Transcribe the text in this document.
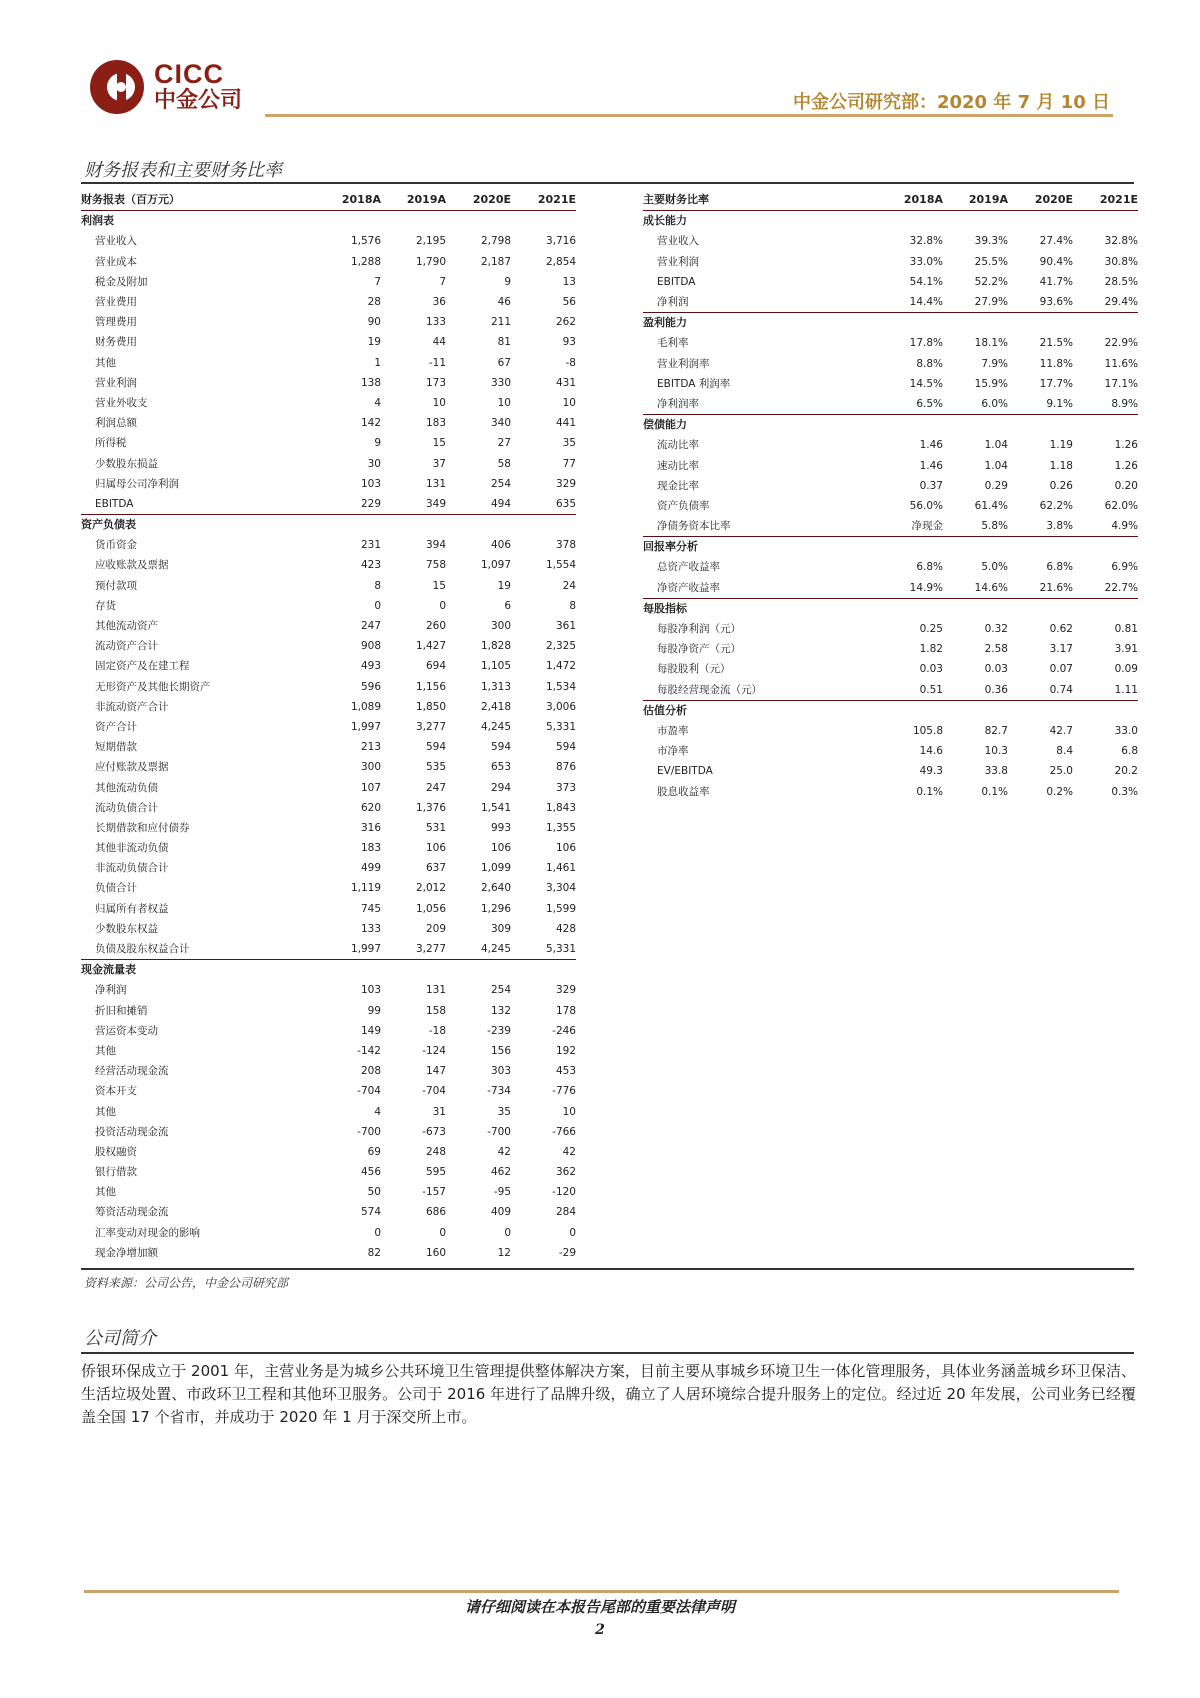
CICC
中金公司	中金公司研究部：2020 年 7 月 10 日
财务报表和主要财务比率
财务报表（百万元）	2018A	2019A	2020E	2021E
利润表				
营业收入	1,576	2,195	2,798	3,716
营业成本	1,288	1,790	2,187	2,854
税金及附加	7	7	9	13
营业费用	28	36	46	56
管理费用	90	133	211	262
财务费用	19	44	81	93
其他	1	-11	67	-8
营业利润	138	173	330	431
营业外收支	4	10	10	10
利润总额	142	183	340	441
所得税	9	15	27	35
少数股东损益	30	37	58	77
归属母公司净利润	103	131	254	329
EBITDA	229	349	494	635
资产负债表				
货币资金	231	394	406	378
应收账款及票据	423	758	1,097	1,554
预付款项	8	15	19	24
存货	0	0	6	8
其他流动资产	247	260	300	361
流动资产合计	908	1,427	1,828	2,325
固定资产及在建工程	493	694	1,105	1,472
无形资产及其他长期资产	596	1,156	1,313	1,534
非流动资产合计	1,089	1,850	2,418	3,006
资产合计	1,997	3,277	4,245	5,331
短期借款	213	594	594	594
应付账款及票据	300	535	653	876
其他流动负债	107	247	294	373
流动负债合计	620	1,376	1,541	1,843
长期借款和应付债券	316	531	993	1,355
其他非流动负债	183	106	106	106
非流动负债合计	499	637	1,099	1,461
负债合计	1,119	2,012	2,640	3,304
归属所有者权益	745	1,056	1,296	1,599
少数股东权益	133	209	309	428
负债及股东权益合计	1,997	3,277	4,245	5,331
现金流量表				
净利润	103	131	254	329
折旧和摊销	99	158	132	178
营运资本变动	149	-18	-239	-246
其他	-142	-124	156	192
经营活动现金流	208	147	303	453
资本开支	-704	-704	-734	-776
其他	4	31	35	10
投资活动现金流	-700	-673	-700	-766
股权融资	69	248	42	42
银行借款	456	595	462	362
其他	50	-157	-95	-120
筹资活动现金流	574	686	409	284
汇率变动对现金的影响	0	0	0	0
现金净增加额	82	160	12	-29
主要财务比率	2018A	2019A	2020E	2021E
成长能力				
营业收入	32.8%	39.3%	27.4%	32.8%
营业利润	33.0%	25.5%	90.4%	30.8%
EBITDA	54.1%	52.2%	41.7%	28.5%
净利润	14.4%	27.9%	93.6%	29.4%
盈利能力				
毛利率	17.8%	18.1%	21.5%	22.9%
营业利润率	8.8%	7.9%	11.8%	11.6%
EBITDA 利润率	14.5%	15.9%	17.7%	17.1%
净利润率	6.5%	6.0%	9.1%	8.9%
偿债能力				
流动比率	1.46	1.04	1.19	1.26
速动比率	1.46	1.04	1.18	1.26
现金比率	0.37	0.29	0.26	0.20
资产负债率	56.0%	61.4%	62.2%	62.0%
净债务资本比率	净现金	5.8%	3.8%	4.9%
回报率分析				
总资产收益率	6.8%	5.0%	6.8%	6.9%
净资产收益率	14.9%	14.6%	21.6%	22.7%
每股指标				
每股净利润（元）	0.25	0.32	0.62	0.81
每股净资产（元）	1.82	2.58	3.17	3.91
每股股利（元）	0.03	0.03	0.07	0.09
每股经营现金流（元）	0.51	0.36	0.74	1.11
估值分析				
市盈率	105.8	82.7	42.7	33.0
市净率	14.6	10.3	8.4	6.8
EV/EBITDA	49.3	33.8	25.0	20.2
股息收益率	0.1%	0.1%	0.2%	0.3%
资料来源：公司公告，中金公司研究部
公司简介
侨银环保成立于 2001 年，主营业务是为城乡公共环境卫生管理提供整体解决方案，目前主要从事城乡环境卫生一体化管理服务，具体业务涵盖城乡环卫保洁、生活垃圾处置、市政环卫工程和其他环卫服务。公司于 2016 年进行了品牌升级，确立了人居环境综合提升服务上的定位。经过近 20 年发展，公司业务已经覆盖全国 17 个省市，并成功于 2020 年 1 月于深交所上市。
请仔细阅读在本报告尾部的重要法律声明
2
